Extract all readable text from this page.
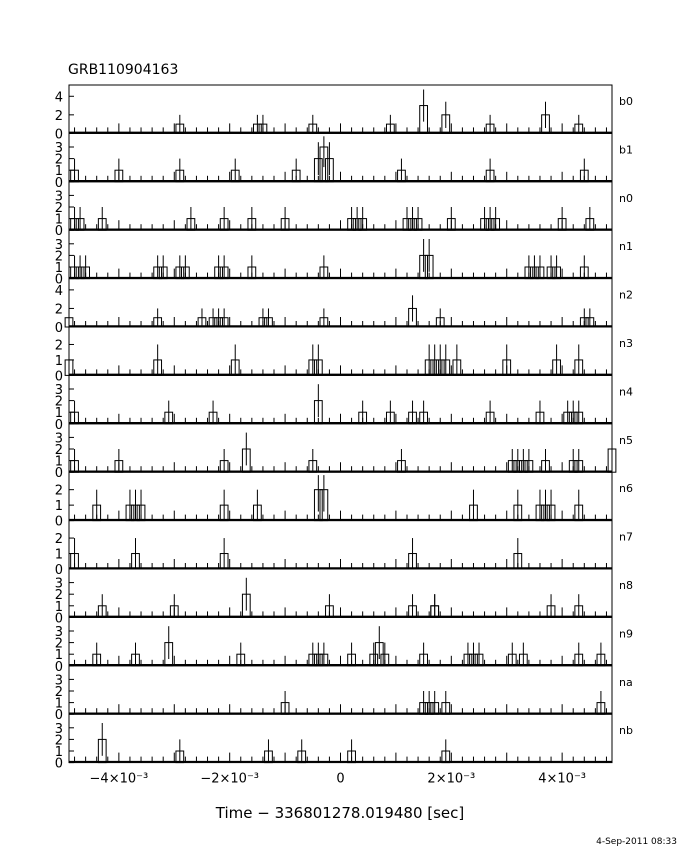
GRB110904163
0
2
4	b0
0
1
2
3	b1
0
1
2
3	n0
0
1
2
3	n1
0
2
4	n2
0
1
2	n3
0
1
2
3	n4
0
1
2
3	n5
0
1
2	n6
0
1
2	n7
0
1
2
3	n8
0
1
2
3	n9
0
1
2
3	na
0
1
2
3	nb
−4×10⁻³	−2×10⁻³	0	2×10⁻³	4×10⁻³
Time − 336801278.019480 [sec]
4-Sep-2011 08:33
